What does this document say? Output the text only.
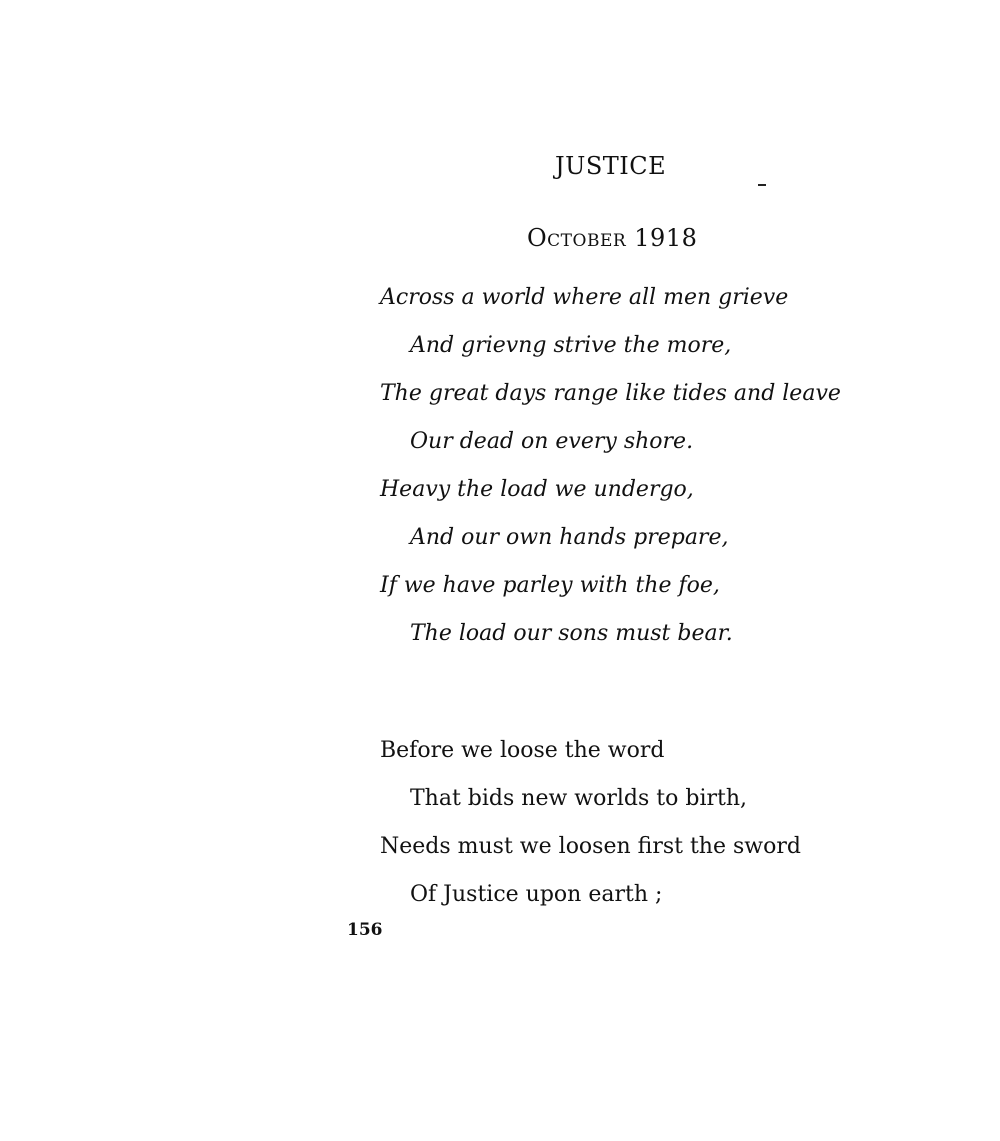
JUSTICE
October 1918
Across a world where all men grieve
And grievng strive the more,
The great days range like tides and leave
Our dead on every shore.
Heavy the load we undergo,
And our own hands prepare,
If we have parley with the foe,
The load our sons must bear.
Before we loose the word
That bids new worlds to birth,
Needs must we loosen first the sword
Of Justice upon earth ;
156
